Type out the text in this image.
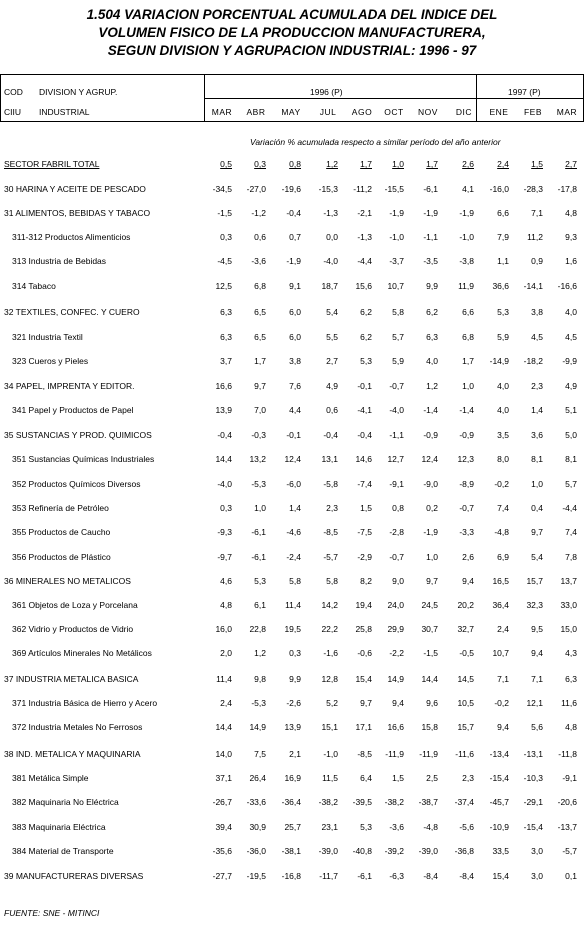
1.504 VARIACION PORCENTUAL ACUMULADA DEL INDICE DEL
VOLUMEN FISICO DE LA PRODUCCION MANUFACTURERA,
SEGUN DIVISION Y AGRUPACION INDUSTRIAL: 1996 - 97
COD DIVISION Y AGRUP.
CIIU INDUSTRIAL
1996 (P)	1997 (P)
MAR	ABR	MAY	JUL	AGO	OCT	NOV	DIC	ENE	FEB	MAR
Variación % acumulada respecto a similar período del año anterior
SECTOR FABRIL TOTAL	0,5	0,3	0,8	1,2	1,7	1,0	1,7	2,6	2,4	1,5	2,7
30 HARINA Y ACEITE DE PESCADO	-34,5	-27,0	-19,6	-15,3	-11,2	-15,5	-6,1	4,1	-16,0	-28,3	-17,8
31 ALIMENTOS, BEBIDAS Y TABACO	-1,5	-1,2	-0,4	-1,3	-2,1	-1,9	-1,9	-1,9	6,6	7,1	4,8
311-312 Productos Alimenticios	0,3	0,6	0,7	0,0	-1,3	-1,0	-1,1	-1,0	7,9	11,2	9,3
313 Industria de Bebidas	-4,5	-3,6	-1,9	-4,0	-4,4	-3,7	-3,5	-3,8	1,1	0,9	1,6
314 Tabaco	12,5	6,8	9,1	18,7	15,6	10,7	9,9	11,9	36,6	-14,1	-16,6
32 TEXTILES, CONFEC. Y CUERO	6,3	6,5	6,0	5,4	6,2	5,8	6,2	6,6	5,3	3,8	4,0
321 Industria Textil	6,3	6,5	6,0	5,5	6,2	5,7	6,3	6,8	5,9	4,5	4,5
323 Cueros y Pieles	3,7	1,7	3,8	2,7	5,3	5,9	4,0	1,7	-14,9	-18,2	-9,9
34 PAPEL, IMPRENTA Y EDITOR.	16,6	9,7	7,6	4,9	-0,1	-0,7	1,2	1,0	4,0	2,3	4,9
341 Papel y Productos de Papel	13,9	7,0	4,4	0,6	-4,1	-4,0	-1,4	-1,4	4,0	1,4	5,1
35 SUSTANCIAS Y PROD. QUIMICOS	-0,4	-0,3	-0,1	-0,4	-0,4	-1,1	-0,9	-0,9	3,5	3,6	5,0
351 Sustancias Químicas Industriales	14,4	13,2	12,4	13,1	14,6	12,7	12,4	12,3	8,0	8,1	8,1
352 Productos Químicos Diversos	-4,0	-5,3	-6,0	-5,8	-7,4	-9,1	-9,0	-8,9	-0,2	1,0	5,7
353 Refinería de Petróleo	0,3	1,0	1,4	2,3	1,5	0,8	0,2	-0,7	7,4	0,4	-4,4
355 Productos de Caucho	-9,3	-6,1	-4,6	-8,5	-7,5	-2,8	-1,9	-3,3	-4,8	9,7	7,4
356 Productos de Plástico	-9,7	-6,1	-2,4	-5,7	-2,9	-0,7	1,0	2,6	6,9	5,4	7,8
36 MINERALES NO METALICOS	4,6	5,3	5,8	5,8	8,2	9,0	9,7	9,4	16,5	15,7	13,7
361 Objetos de Loza y Porcelana	4,8	6,1	11,4	14,2	19,4	24,0	24,5	20,2	36,4	32,3	33,0
362 Vidrio y Productos de Vidrio	16,0	22,8	19,5	22,2	25,8	29,9	30,7	32,7	2,4	9,5	15,0
369 Artículos Minerales No Metálicos	2,0	1,2	0,3	-1,6	-0,6	-2,2	-1,5	-0,5	10,7	9,4	4,3
37 INDUSTRIA METALICA BASICA	11,4	9,8	9,9	12,8	15,4	14,9	14,4	14,5	7,1	7,1	6,3
371 Industria Básica de Hierro y Acero	2,4	-5,3	-2,6	5,2	9,7	9,4	9,6	10,5	-0,2	12,1	11,6
372 Industria Metales No Ferrosos	14,4	14,9	13,9	15,1	17,1	16,6	15,8	15,7	9,4	5,6	4,8
38 IND. METALICA Y MAQUINARIA	14,0	7,5	2,1	-1,0	-8,5	-11,9	-11,9	-11,6	-13,4	-13,1	-11,8
381 Metálica Simple	37,1	26,4	16,9	11,5	6,4	1,5	2,5	2,3	-15,4	-10,3	-9,1
382 Maquinaria No Eléctrica	-26,7	-33,6	-36,4	-38,2	-39,5	-38,2	-38,7	-37,4	-45,7	-29,1	-20,6
383 Maquinaria Eléctrica	39,4	30,9	25,7	23,1	5,3	-3,6	-4,8	-5,6	-10,9	-15,4	-13,7
384 Material de Transporte	-35,6	-36,0	-38,1	-39,0	-40,8	-39,2	-39,0	-36,8	33,5	3,0	-5,7
39 MANUFACTURERAS DIVERSAS	-27,7	-19,5	-16,8	-11,7	-6,1	-6,3	-8,4	-8,4	15,4	3,0	0,1
FUENTE: SNE - MITINCI
